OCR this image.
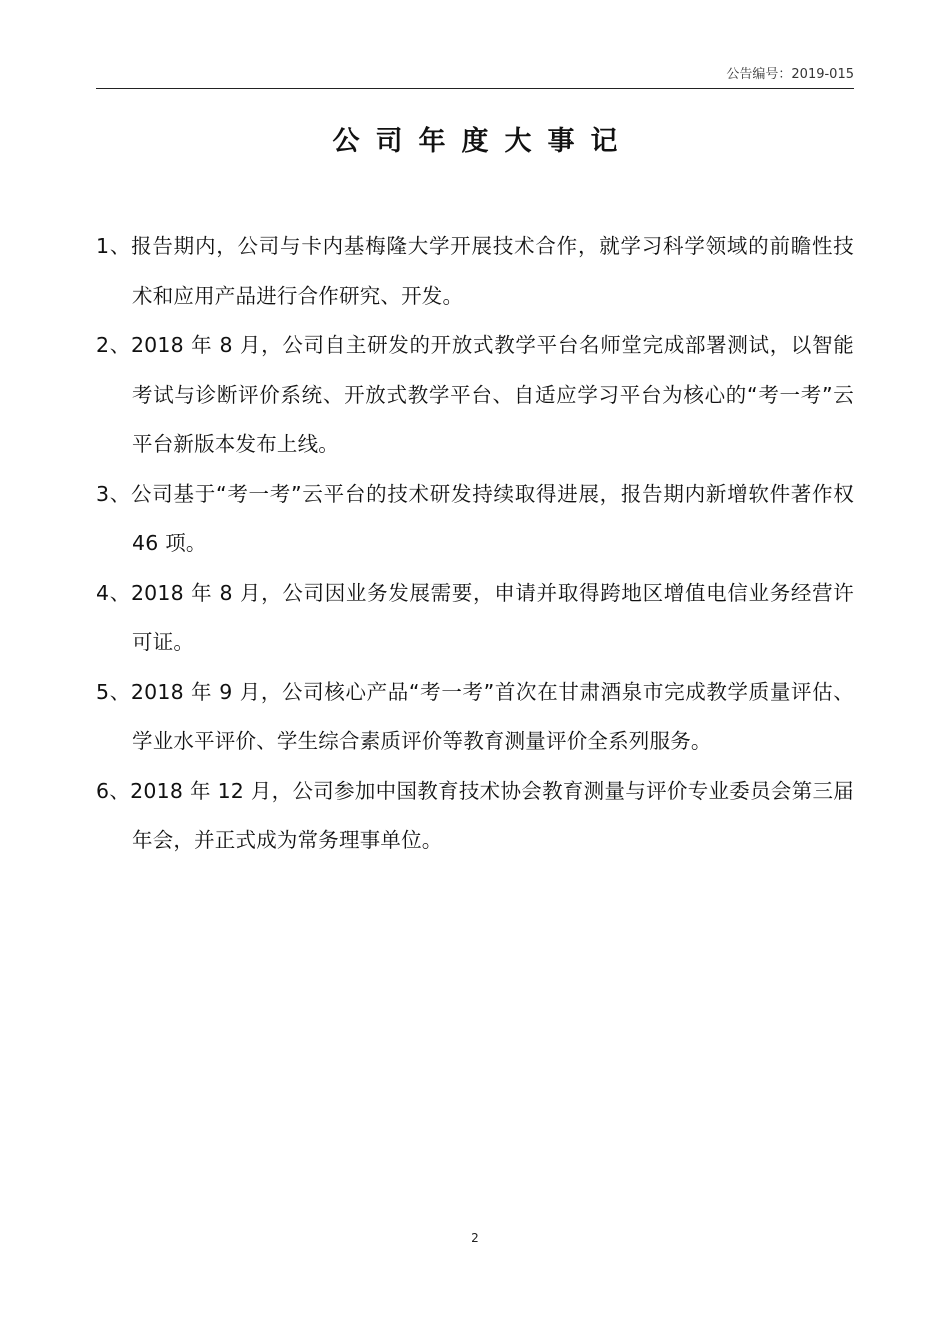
公告编号：2019-015
公司年度大事记
1、报告期内，公司与卡内基梅隆大学开展技术合作，就学习科学领域的前瞻性技术和应用产品进行合作研究、开发。
2、2018 年 8 月，公司自主研发的开放式教学平台名师堂完成部署测试，以智能考试与诊断评价系统、开放式教学平台、自适应学习平台为核心的“考一考”云平台新版本发布上线。
3、公司基于“考一考”云平台的技术研发持续取得进展，报告期内新增软件著作权 46 项。
4、2018 年 8 月，公司因业务发展需要，申请并取得跨地区增值电信业务经营许可证。
5、2018 年 9 月，公司核心产品“考一考”首次在甘肃酒泉市完成教学质量评估、学业水平评价、学生综合素质评价等教育测量评价全系列服务。
6、2018 年 12 月，公司参加中国教育技术协会教育测量与评价专业委员会第三届年会，并正式成为常务理事单位。
2
